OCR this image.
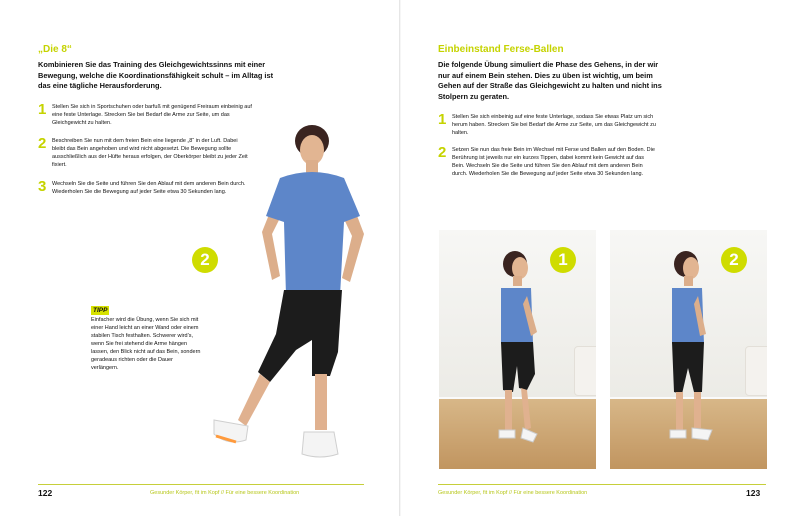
„Die 8“
Kombinieren Sie das Training des Gleichgewichtssinns mit einer Bewegung, welche die Koordinationsfähigkeit schult – im Alltag ist das eine tägliche Herausforderung.
1	Stellen Sie sich in Sportschuhen oder barfuß mit genügend Freiraum einbeinig auf eine feste Unterlage. Strecken Sie bei Bedarf die Arme zur Seite, um das Gleichgewicht zu halten.
2	Beschreiben Sie nun mit dem freien Bein eine liegende „8“ in der Luft. Dabei bleibt das Bein angehoben und wird nicht abgesetzt. Die Bewegung sollte ausschließlich aus der Hüfte heraus erfolgen, der Oberkörper bleibt zu jeder Zeit fixiert.
3	Wechseln Sie die Seite und führen Sie den Ablauf mit dem anderen Bein durch. Wiederholen Sie die Bewegung auf jeder Seite etwa 30 Sekunden lang.
2
TIPP
Einfacher wird die Übung, wenn Sie sich mit einer Hand leicht an einer Wand oder einem stabilen Tisch festhalten. Schwerer wird’s, wenn Sie frei stehend die Arme hängen lassen, den Blick nicht auf das Bein, sondern geradeaus richten oder die Dauer verlängern.
122	Gesunder Körper, fit im Kopf // Für eine bessere Koordination
Einbeinstand Ferse-Ballen
Die folgende Übung simuliert die Phase des Gehens, in der wir nur auf einem Bein stehen. Dies zu üben ist wichtig, um beim Gehen auf der Straße das Gleichgewicht zu halten und nicht ins Stolpern zu geraten.
1	Stellen Sie sich einbeinig auf eine feste Unterlage, sodass Sie etwas Platz um sich herum haben. Strecken Sie bei Bedarf die Arme zur Seite, um das Gleichgewicht zu halten.
2	Setzen Sie nun das freie Bein im Wechsel mit Ferse und Ballen auf den Boden. Die Berührung ist jeweils nur ein kurzes Tippen, dabei kommt kein Gewicht auf das Bein. Wechseln Sie die Seite und führen Sie den Ablauf mit dem anderen Bein durch. Wiederholen Sie die Bewegung auf jeder Seite etwa 30 Sekunden lang.
1	2
Gesunder Körper, fit im Kopf // Für eine bessere Koordination	123
